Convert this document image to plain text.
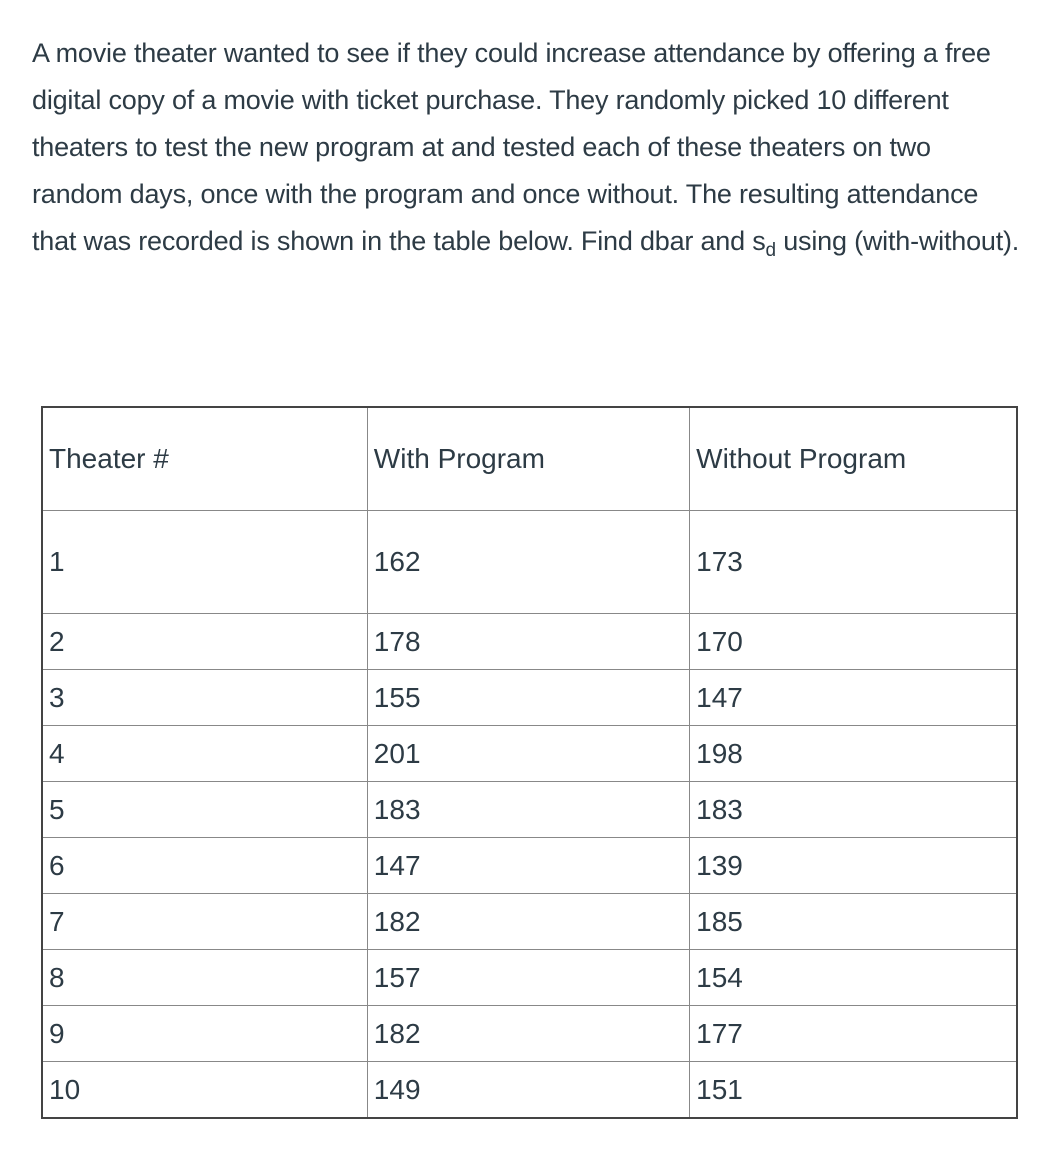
A movie theater wanted to see if they could increase attendance by offering a free digital copy of a movie with ticket purchase. They randomly picked 10 different theaters to test the new program at and tested each of these theaters on two random days, once with the program and once without. The resulting attendance that was recorded is shown in the table below. Find dbar and $s_d$ using (with-without).

Theater #	With Program	Without Program
1	162	173
2	178	170
3	155	147
4	201	198
5	183	183
6	147	139
7	182	185
8	157	154
9	182	177
10	149	151
